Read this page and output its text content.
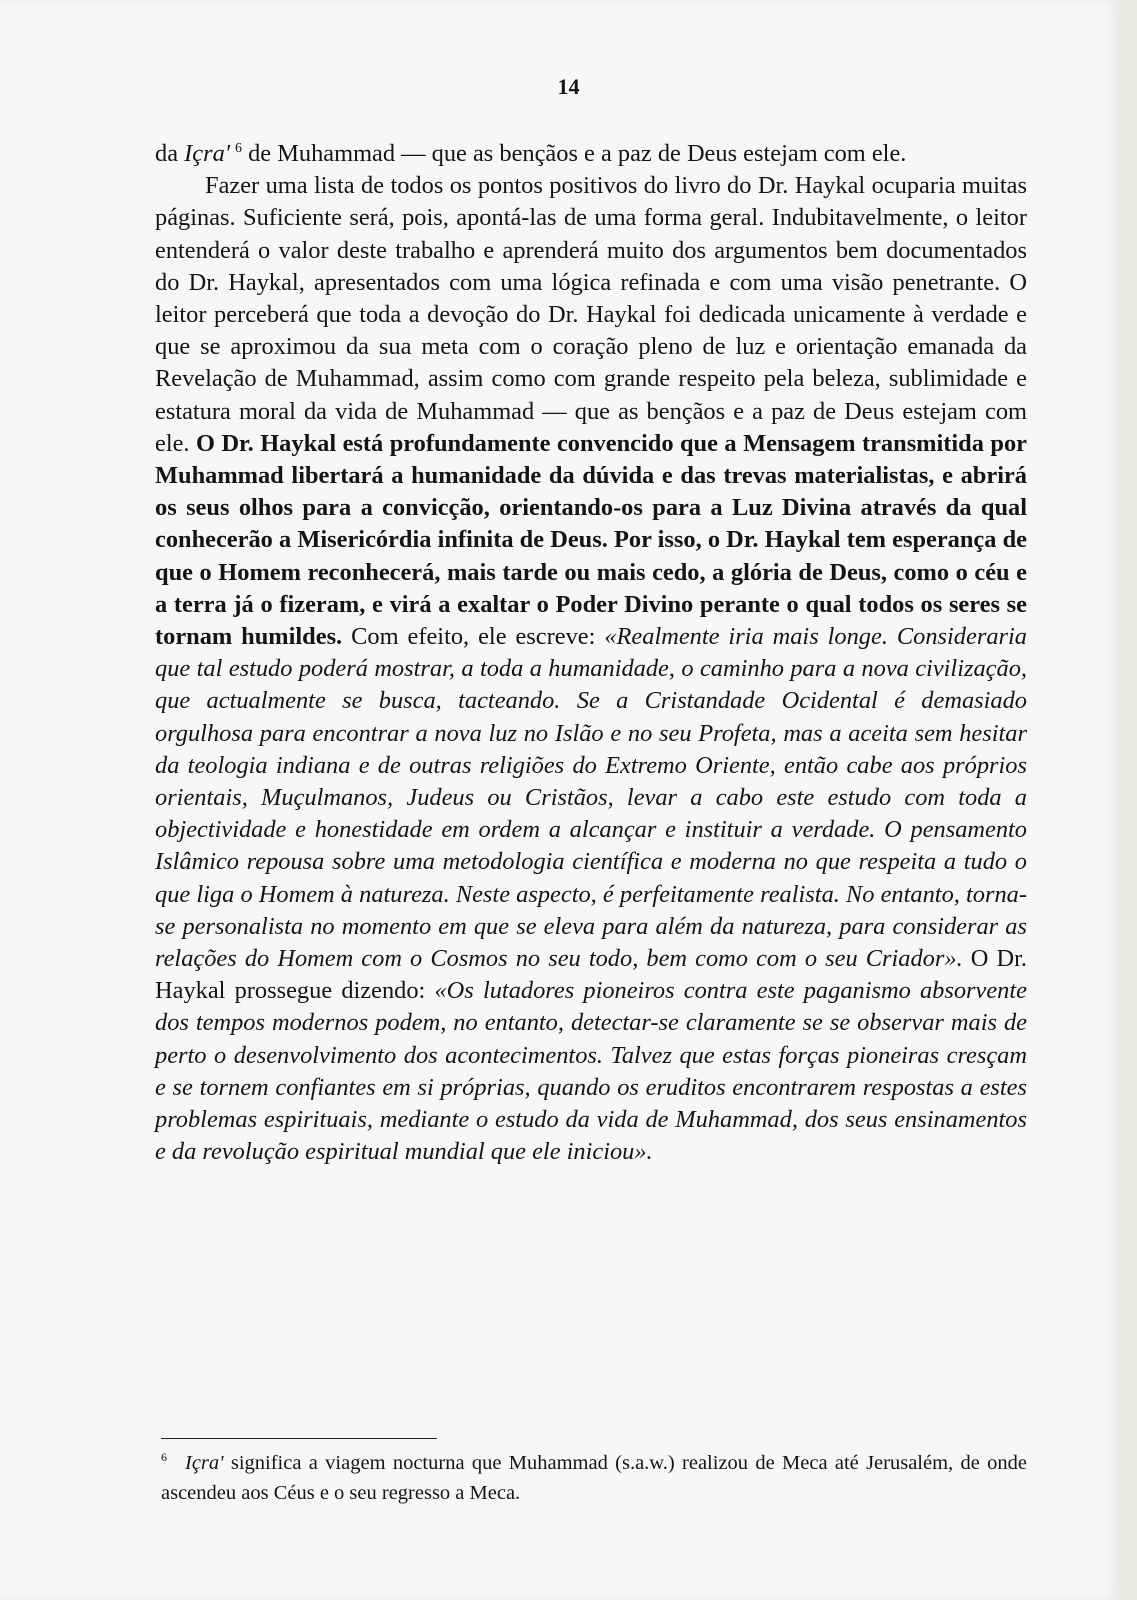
14

da Içra' $^6$ de Muhammad — que as bençãos e a paz de Deus estejam com ele.

Fazer uma lista de todos os pontos positivos do livro do Dr. Haykal ocuparia muitas páginas. Suficiente será, pois, apontá-las de uma forma geral. Indubitavelmente, o leitor entenderá o valor deste trabalho e aprenderá muito dos argumentos bem documentados do Dr. Haykal, apresentados com uma lógica refinada e com uma visão penetrante. O leitor perceberá que toda a devoção do Dr. Haykal foi dedicada unicamente à verdade e que se aproximou da sua meta com o coração pleno de luz e orientação emanada da Revelação de Muhammad, assim como com grande respeito pela beleza, sublimidade e estatura moral da vida de Muhammad — que as bençãos e a paz de Deus estejam com ele. O Dr. Haykal está profundamente convencido que a Mensagem transmitida por Muhammad libertará a humanidade da dúvida e das trevas materialistas, e abrirá os seus olhos para a convicção, orientando-os para a Luz Divina através da qual conhecerão a Misericórdia infinita de Deus. Por isso, o Dr. Haykal tem esperança de que o Homem reconhecerá, mais tarde ou mais cedo, a glória de Deus, como o céu e a terra já o fizeram, e virá a exaltar o Poder Divino perante o qual todos os seres se tornam humildes. Com efeito, ele escreve: «Realmente iria mais longe. Consideraria que tal estudo poderá mostrar, a toda a humanidade, o caminho para a nova civilização, que actualmente se busca, tacteando. Se a Cristandade Ocidental é demasiado orgulhosa para encontrar a nova luz no Islão e no seu Profeta, mas a aceita sem hesitar da teologia indiana e de outras religiões do Extremo Oriente, então cabe aos próprios orientais, Muçulmanos, Judeus ou Cristãos, levar a cabo este estudo com toda a objectividade e honestidade em ordem a alcançar e instituir a verdade. O pensamento Islâmico repousa sobre uma metodologia científica e moderna no que respeita a tudo o que liga o Homem à natureza. Neste aspecto, é perfeitamente realista. No entanto, torna-se personalista no momento em que se eleva para além da natureza, para considerar as relações do Homem com o Cosmos no seu todo, bem como com o seu Criador». O Dr. Haykal prossegue dizendo: «Os lutadores pioneiros contra este paganismo absorvente dos tempos modernos podem, no entanto, detectar-se claramente se se observar mais de perto o desenvolvimento dos acontecimentos. Talvez que estas forças pioneiras cresçam e se tornem confiantes em si próprias, quando os eruditos encontrarem respostas a estes problemas espirituais, mediante o estudo da vida de Muhammad, dos seus ensinamentos e da revolução espiritual mundial que ele iniciou».

$^6$ Içra' significa a viagem nocturna que Muhammad (s.a.w.) realizou de Meca até Jerusalém, de onde ascendeu aos Céus e o seu regresso a Meca.
